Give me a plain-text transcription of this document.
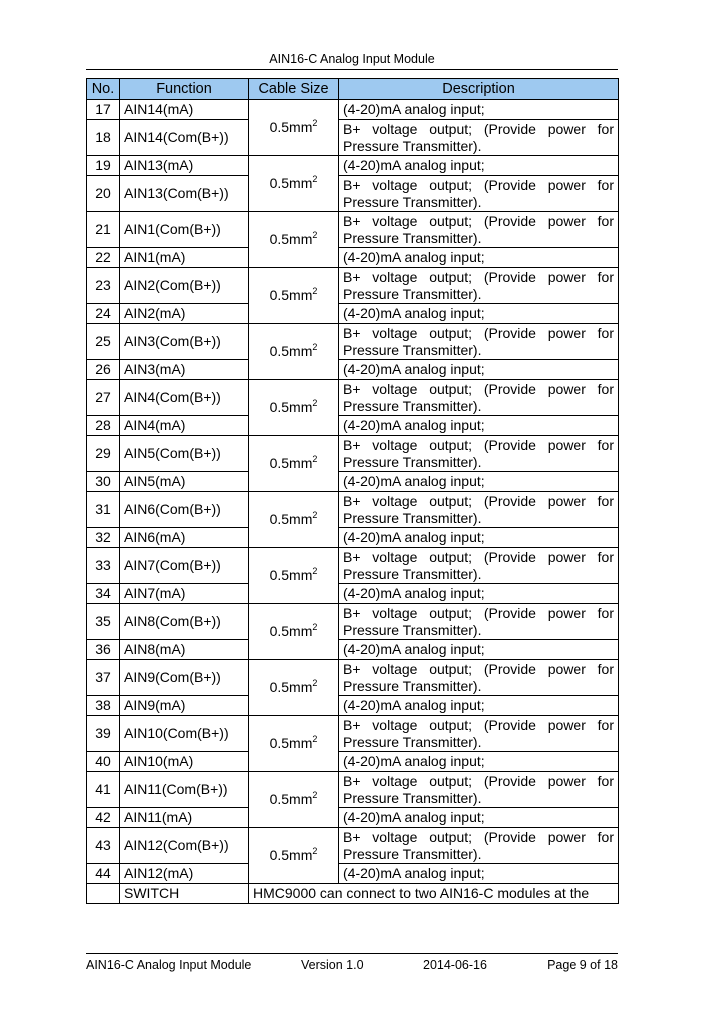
AIN16-C Analog Input Module
No.	Function	Cable Size	Description
17	AIN14(mA)	$0.5mm^2$	(4-20)mA analog input;
18	AIN14(Com(B+))		B+ voltage output; (Provide power for Pressure Transmitter).
19	AIN13(mA)	$0.5mm^2$	(4-20)mA analog input;
20	AIN13(Com(B+))		B+ voltage output; (Provide power for Pressure Transmitter).
21	AIN1(Com(B+))	$0.5mm^2$	B+ voltage output; (Provide power for Pressure Transmitter).
22	AIN1(mA)		(4-20)mA analog input;
23	AIN2(Com(B+))	$0.5mm^2$	B+ voltage output; (Provide power for Pressure Transmitter).
24	AIN2(mA)		(4-20)mA analog input;
25	AIN3(Com(B+))	$0.5mm^2$	B+ voltage output; (Provide power for Pressure Transmitter).
26	AIN3(mA)		(4-20)mA analog input;
27	AIN4(Com(B+))	$0.5mm^2$	B+ voltage output; (Provide power for Pressure Transmitter).
28	AIN4(mA)		(4-20)mA analog input;
29	AIN5(Com(B+))	$0.5mm^2$	B+ voltage output; (Provide power for Pressure Transmitter).
30	AIN5(mA)		(4-20)mA analog input;
31	AIN6(Com(B+))	$0.5mm^2$	B+ voltage output; (Provide power for Pressure Transmitter).
32	AIN6(mA)		(4-20)mA analog input;
33	AIN7(Com(B+))	$0.5mm^2$	B+ voltage output; (Provide power for Pressure Transmitter).
34	AIN7(mA)		(4-20)mA analog input;
35	AIN8(Com(B+))	$0.5mm^2$	B+ voltage output; (Provide power for Pressure Transmitter).
36	AIN8(mA)		(4-20)mA analog input;
37	AIN9(Com(B+))	$0.5mm^2$	B+ voltage output; (Provide power for Pressure Transmitter).
38	AIN9(mA)		(4-20)mA analog input;
39	AIN10(Com(B+))	$0.5mm^2$	B+ voltage output; (Provide power for Pressure Transmitter).
40	AIN10(mA)		(4-20)mA analog input;
41	AIN11(Com(B+))	$0.5mm^2$	B+ voltage output; (Provide power for Pressure Transmitter).
42	AIN11(mA)		(4-20)mA analog input;
43	AIN12(Com(B+))	$0.5mm^2$	B+ voltage output; (Provide power for Pressure Transmitter).
44	AIN12(mA)		(4-20)mA analog input;
	SWITCH	HMC9000 can connect to two AIN16-C modules at the	
AIN16-C Analog Input Module	Version 1.0	2014-06-16	Page 9 of 18
